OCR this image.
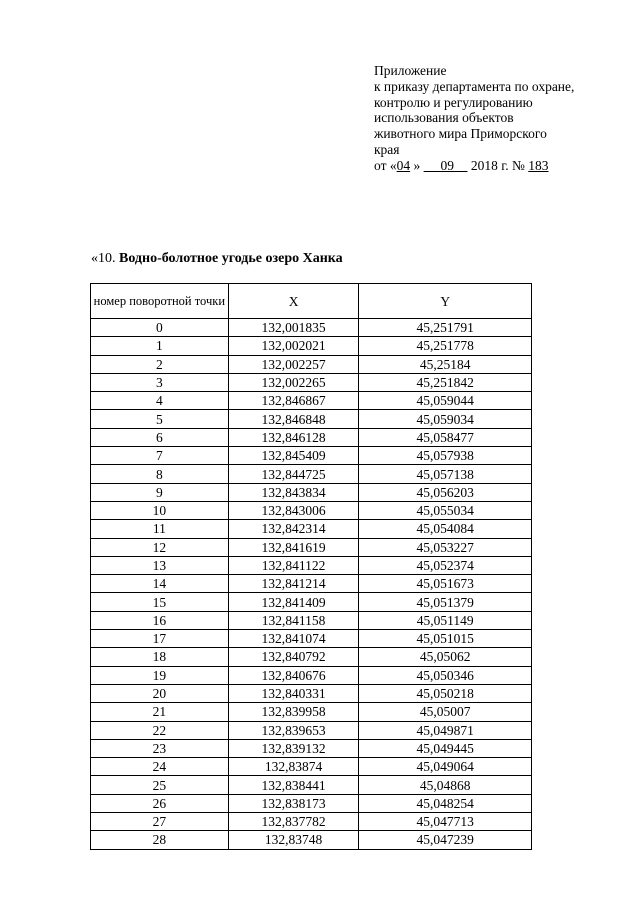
Приложение
к приказу департамента по охране,
контролю и регулированию
использования объектов
животного мира Приморского
края
от «04 »      09     2018 г. № 183
«10. Водно-болотное угодье озеро Ханка
номер поворотной точки	X	Y
0	132,001835	45,251791
1	132,002021	45,251778
2	132,002257	45,25184
3	132,002265	45,251842
4	132,846867	45,059044
5	132,846848	45,059034
6	132,846128	45,058477
7	132,845409	45,057938
8	132,844725	45,057138
9	132,843834	45,056203
10	132,843006	45,055034
11	132,842314	45,054084
12	132,841619	45,053227
13	132,841122	45,052374
14	132,841214	45,051673
15	132,841409	45,051379
16	132,841158	45,051149
17	132,841074	45,051015
18	132,840792	45,05062
19	132,840676	45,050346
20	132,840331	45,050218
21	132,839958	45,05007
22	132,839653	45,049871
23	132,839132	45,049445
24	132,83874	45,049064
25	132,838441	45,04868
26	132,838173	45,048254
27	132,837782	45,047713
28	132,83748	45,047239
